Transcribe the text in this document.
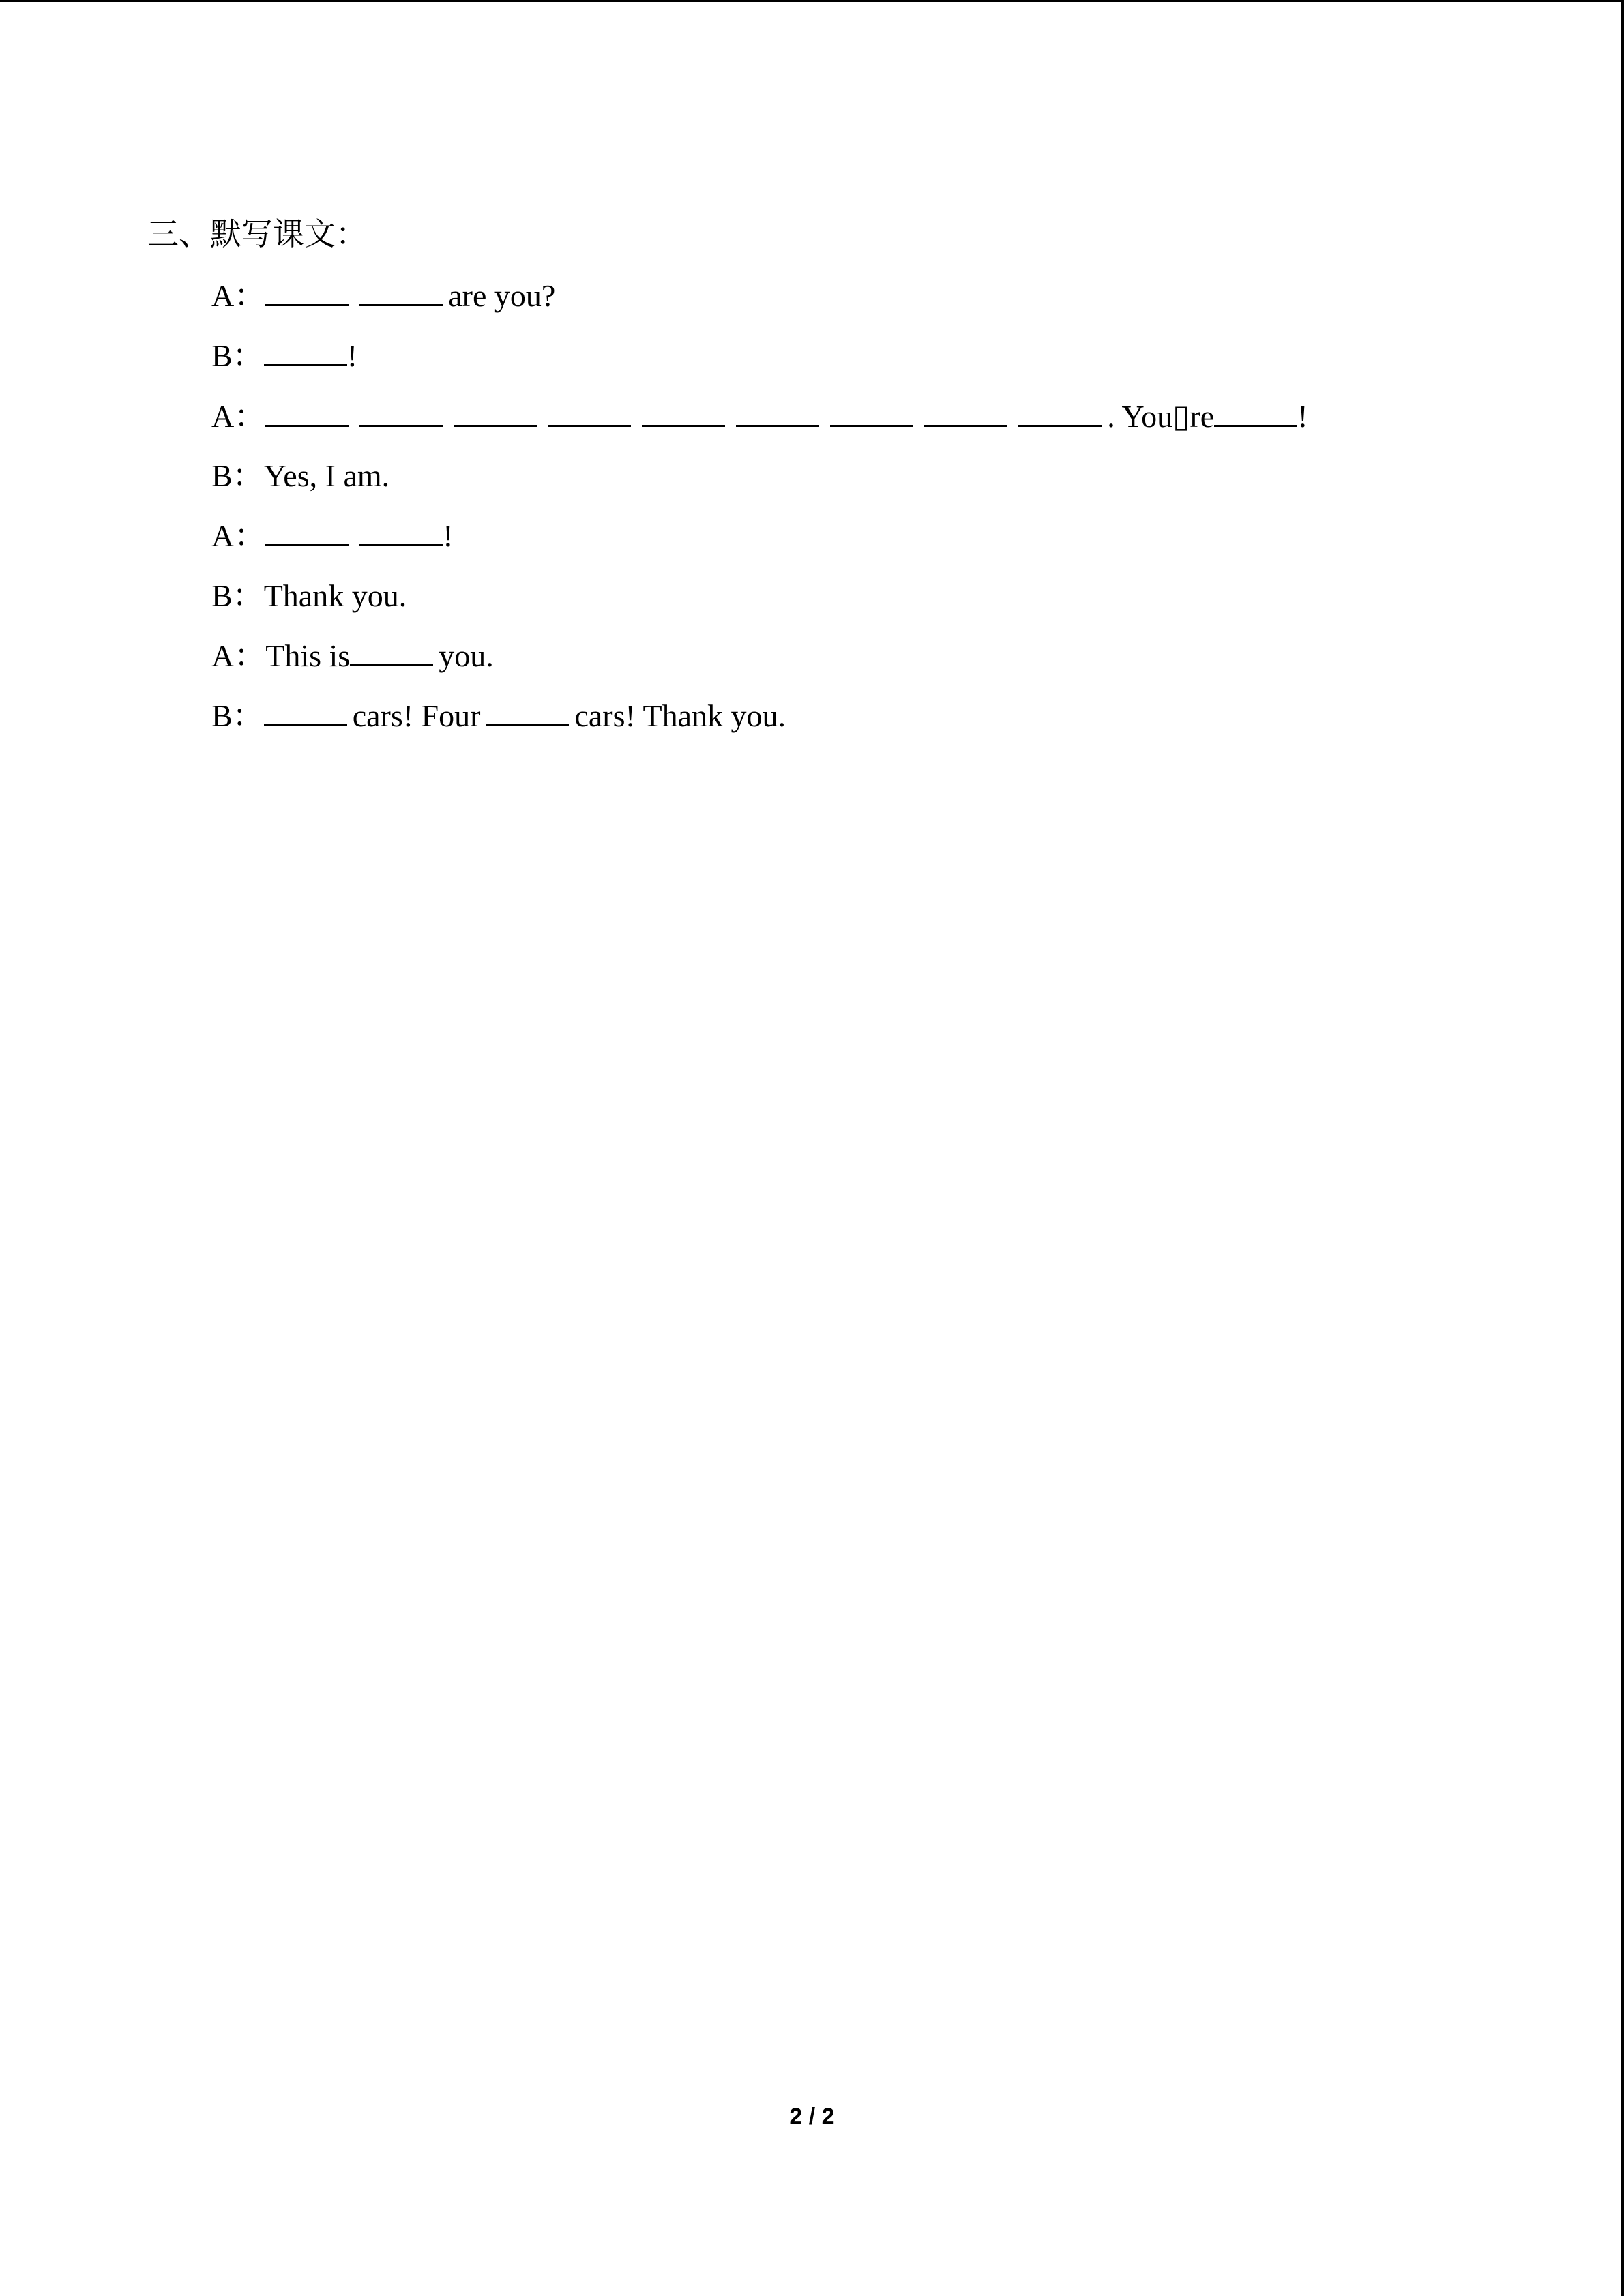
三、默写课文：
A：	are you?
B：	!
A：	. You▯re	!
B：Yes, I am.
A：	!
B：Thank you.
A：This is	you.
B：	cars! Four	cars! Thank you.
2 / 2
